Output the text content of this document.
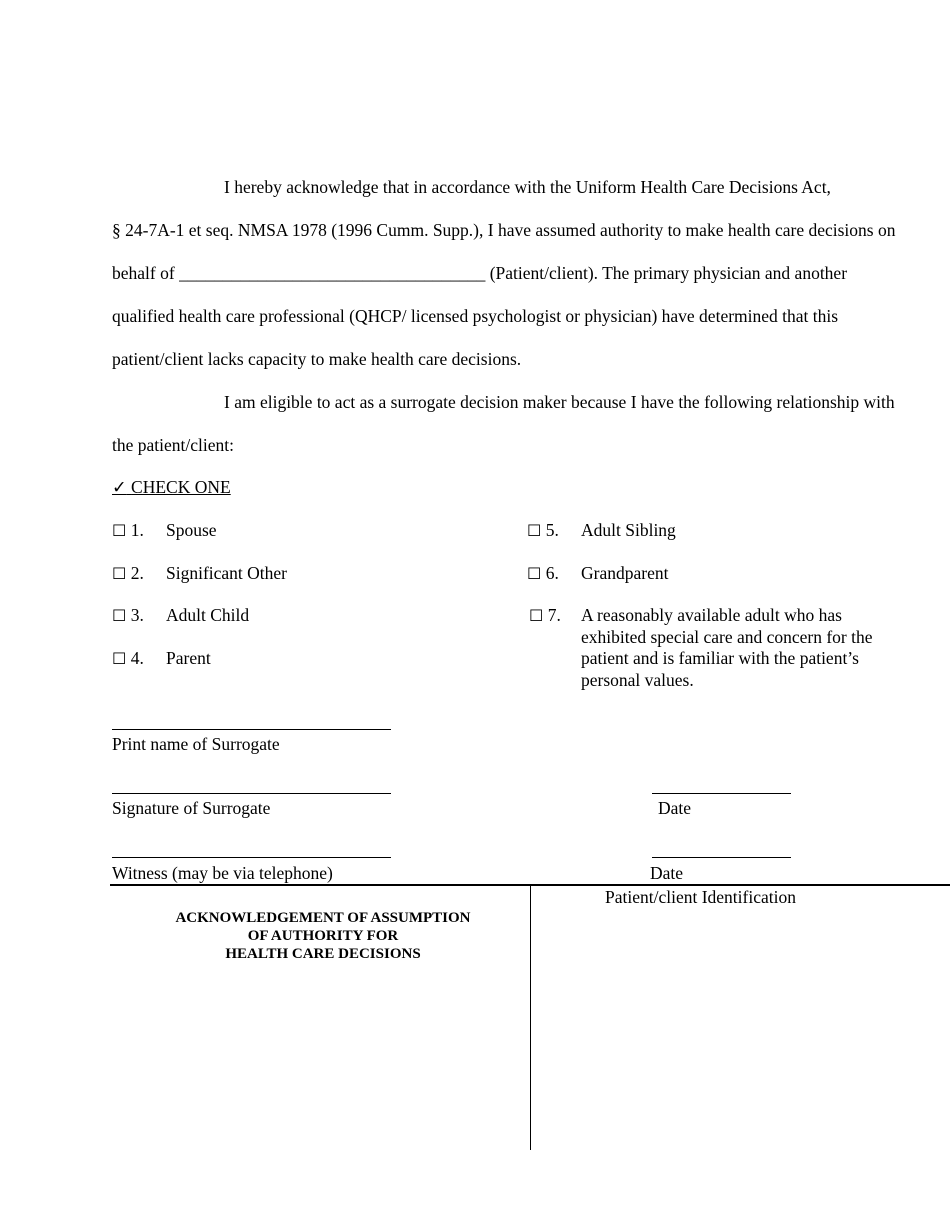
I hereby acknowledge that in accordance with the Uniform Health Care Decisions Act,
§ 24-7A-1 et seq. NMSA 1978 (1996 Cumm. Supp.), I have assumed authority to make health care decisions on
behalf of ___________________________________ (Patient/client). The primary physician and another
qualified health care professional (QHCP/ licensed psychologist or physician) have determined that this
patient/client lacks capacity to make health care decisions.
I am eligible to act as a surrogate decision maker because I have the following relationship with
the patient/client:
✓ CHECK ONE
☐ 1. Spouse
☐ 2. Significant Other
☐ 3. Adult Child
☐ 4. Parent
☐ 5. Adult Sibling
☐ 6. Grandparent
☐ 7. A reasonably available adult who has exhibited special care and concern for the patient and is familiar with the patient’s personal values.
Print name of Surrogate
Signature of Surrogate	Date
Witness (may be via telephone)	Date
ACKNOWLEDGEMENT OF ASSUMPTION
OF AUTHORITY FOR
HEALTH CARE DECISIONS
Patient/client Identification
